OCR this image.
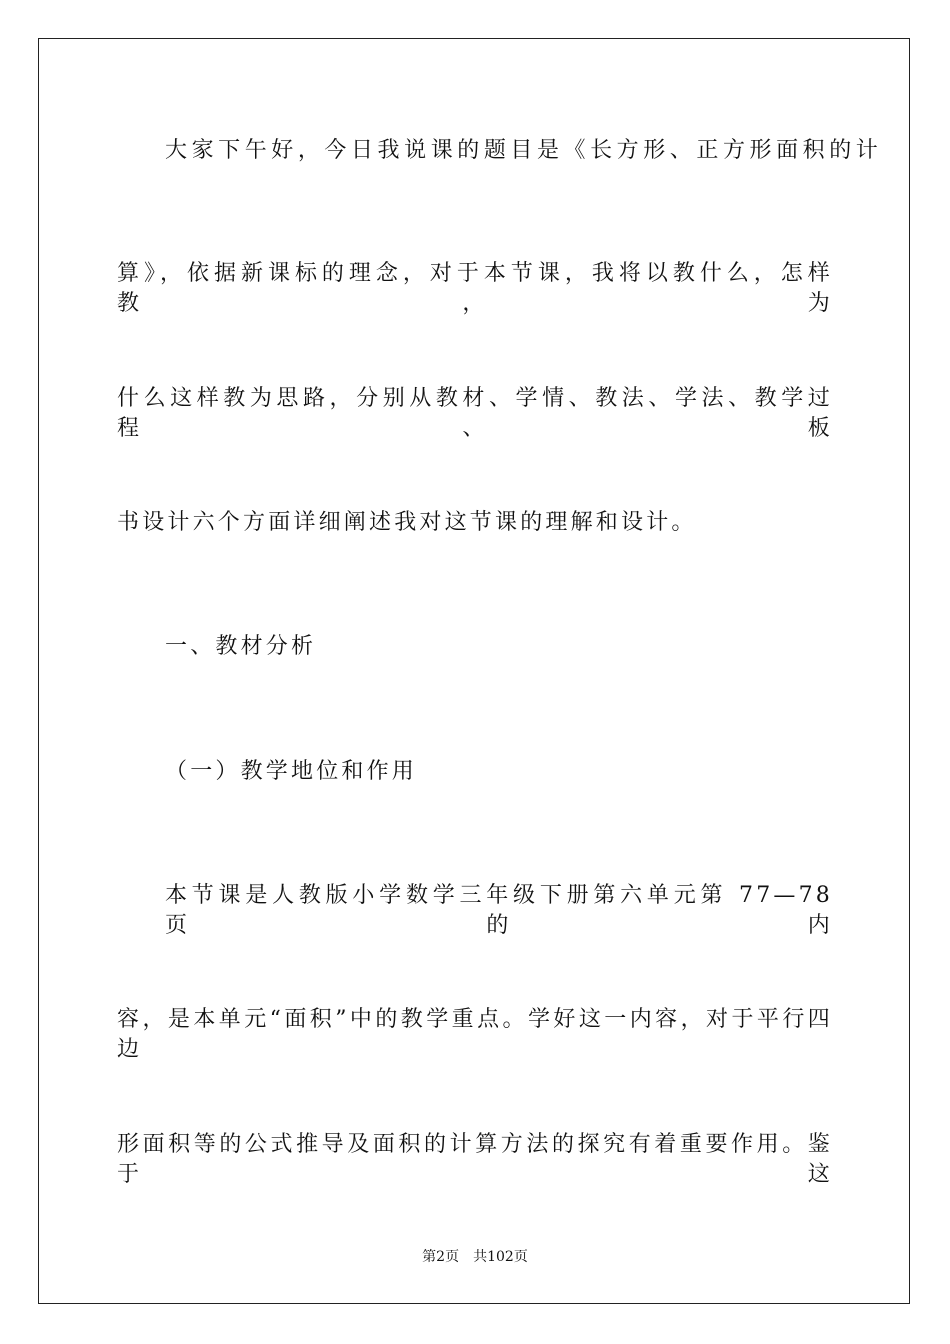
大家下午好，今日我说课的题目是《长方形、正方形面积的计
算》，依据新课标的理念，对于本节课，我将以教什么，怎样教，为
什么这样教为思路，分别从教材、学情、教法、学法、教学过程、板
书设计六个方面详细阐述我对这节课的理解和设计。
一、教材分析
（一）教学地位和作用
本节课是人教版小学数学三年级下册第六单元第 77—78 页的内
容，是本单元“面积”中的教学重点。学好这一内容，对于平行四边
形面积等的公式推导及面积的计算方法的探究有着重要作用。鉴于这
第2页 共102页
